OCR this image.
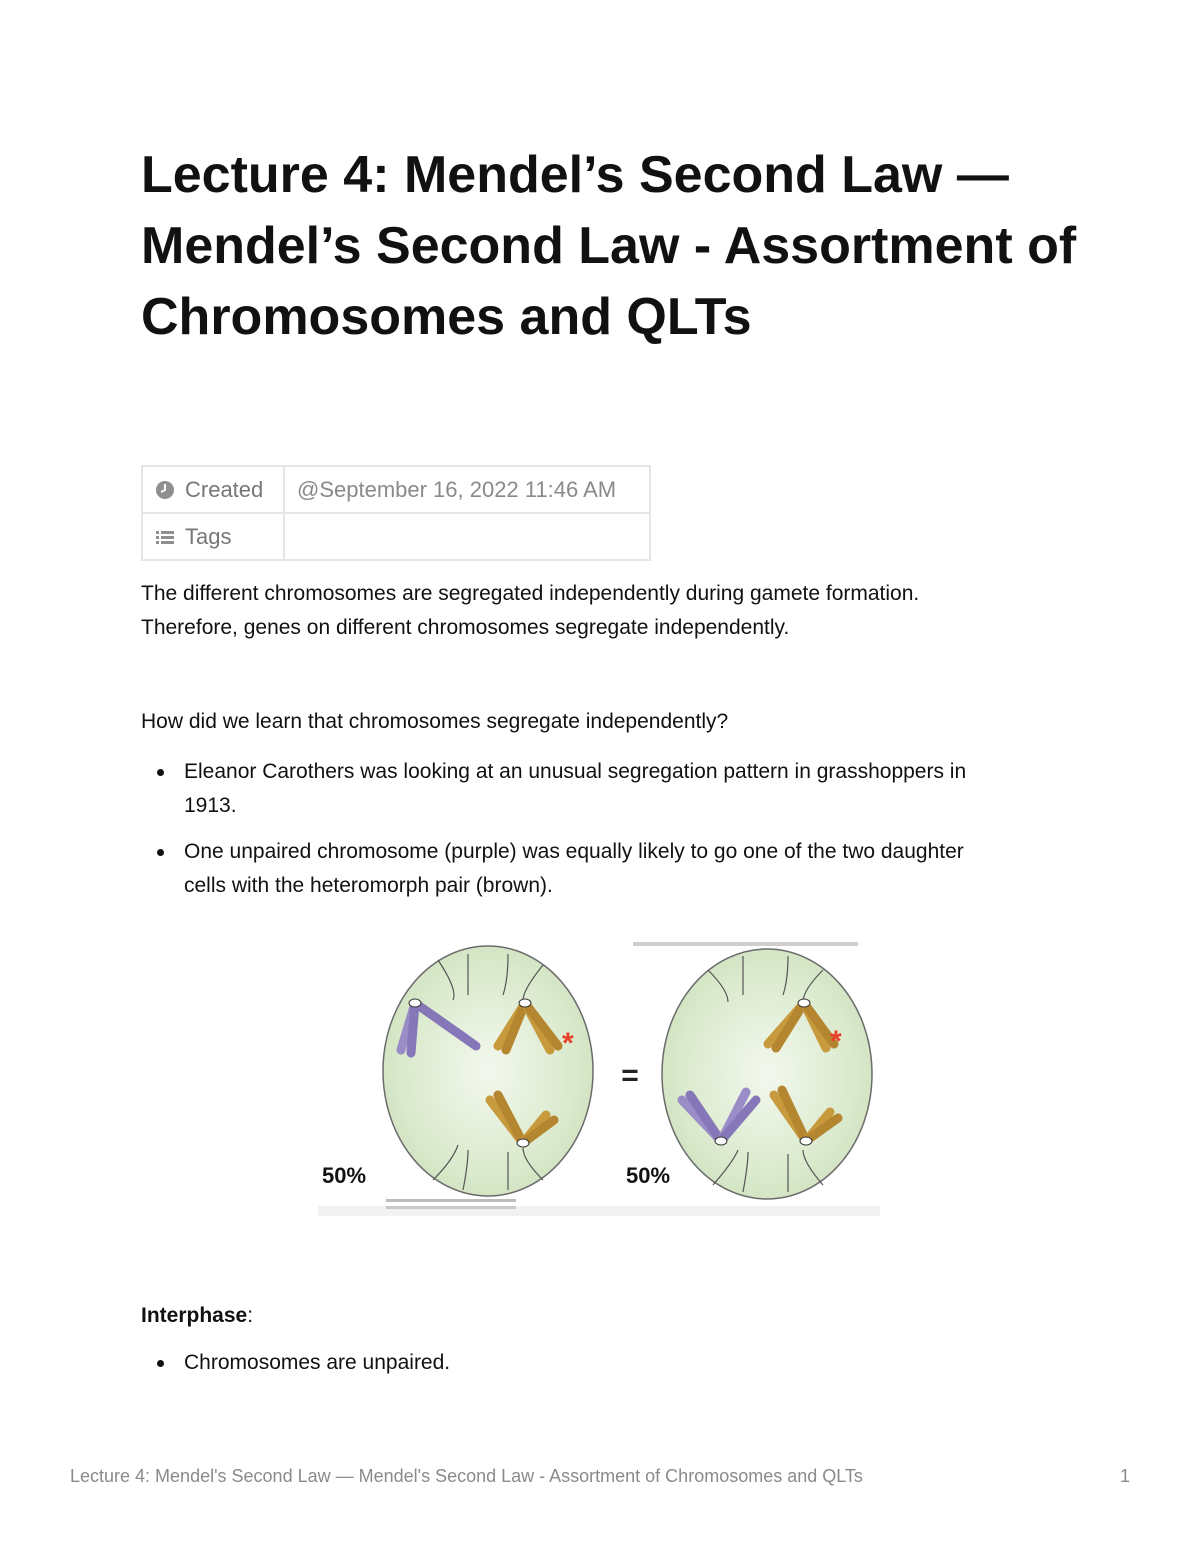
Lecture 4: Mendel’s Second Law — Mendel’s Second Law - Assortment of Chromosomes and QLTs
Created	@September 16, 2022 11:46 AM
Tags	

The different chromosomes are segregated independently during gamete formation.
Therefore, genes on different chromosomes segregate independently.

How did we learn that chromosomes segregate independently?

Eleanor Carothers was looking at an unusual segregation pattern in grasshoppers in
1913.
One unpaired chromosome (purple) was equally likely to go one of the two daughter
cells with the heteromorph pair (brown).
*	*
=
50%	50%

Interphase:

Chromosomes are unpaired.
Lecture 4: Mendel's Second Law — Mendel's Second Law - Assortment of Chromosomes and QLTs	1
